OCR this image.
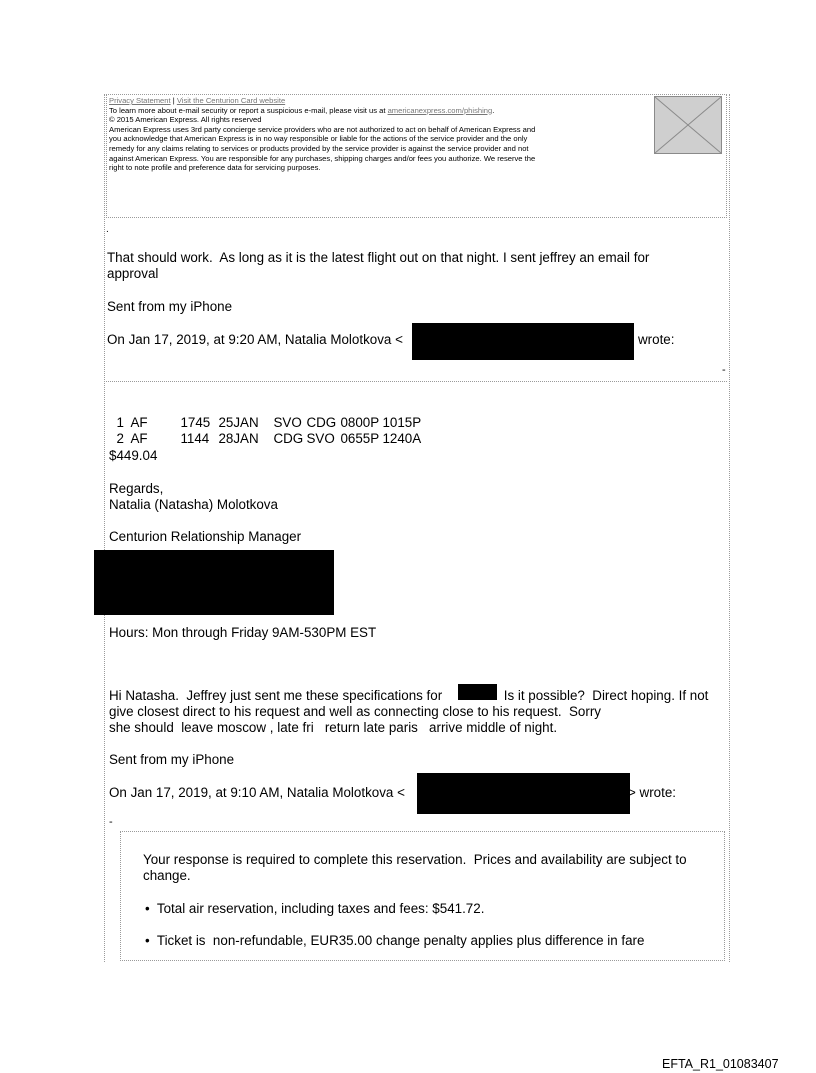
Privacy Statement | Visit the Centurion Card website
To learn more about e-mail security or report a suspicious e-mail, please visit us at americanexpress.com/phishing.
© 2015 American Express. All rights reserved
American Express uses 3rd party concierge service providers who are not authorized to act on behalf of American Express and
you acknowledge that American Express is in no way responsible or liable for the actions of the service provider and the only
remedy for any claims relating to services or products provided by the service provider is against the service provider and not
against American Express. You are responsible for any purchases, shipping charges and/or fees you authorize. We reserve the
right to note profile and preference data for servicing purposes.
.
That should work.  As long as it is the latest flight out on that night. I sent jeffrey an email for
approval
Sent from my iPhone
On Jan 17, 2019, at 9:20 AM, Natalia Molotkova <	wrote:
-

1 AF 1745 25JAN SVO CDG 0800P 1015P

2 AF 1144 28JAN CDG SVO 0655P 1240A

$449.04
Regards,
Natalia (Natasha) Molotkova
Centurion Relationship Manager
Hours: Mon through Friday 9AM-530PM EST
Hi Natasha.  Jeffrey just sent me these specifications for	Is it possible?  Direct hoping. If not
give closest direct to his request and well as connecting close to his request.  Sorry
she should  leave moscow , late fri   return late paris   arrive middle of night.
Sent from my iPhone
On Jan 17, 2019, at 9:10 AM, Natalia Molotkova <	> wrote:
-
Your response is required to complete this reservation.  Prices and availability are subject to
change.
•  Total air reservation, including taxes and fees: $541.72.
•  Ticket is  non-refundable, EUR35.00 change penalty applies plus difference in fare
EFTA_R1_01083407
